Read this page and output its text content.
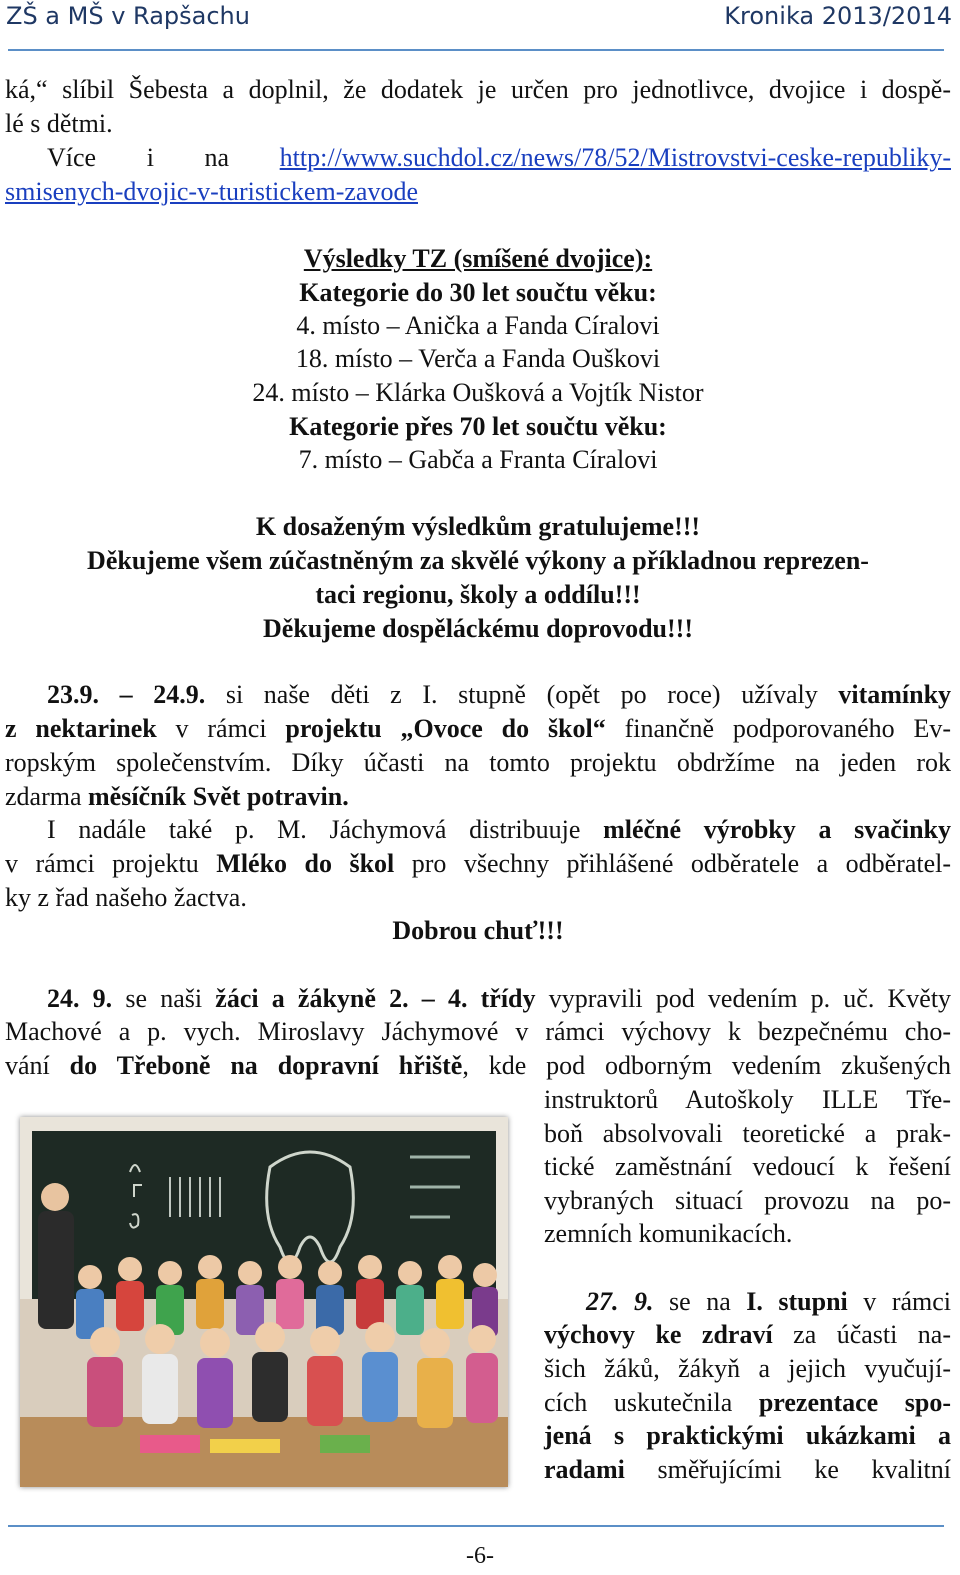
ZŠ a MŠ v Rapšachu	Kronika 2013/2014
ká,“ slíbil Šebesta a doplnil, že dodatek je určen pro jednotlivce, dvojice i dospě-
lé s dětmi.
Více i na http://www.suchdol.cz/news/78/52/Mistrovstvi-ceske-republiky-
smisenych-dvojic-v-turistickem-zavode
Výsledky TZ (smíšené dvojice):
Kategorie do 30 let součtu věku:
4. místo – Anička a Fanda Círalovi
18. místo – Verča a Fanda Ouškovi
24. místo – Klárka Oušková a Vojtík Nistor
Kategorie přes 70 let součtu věku:
7. místo – Gabča a Franta Círalovi
K dosaženým výsledkům gratulujeme!!!
Děkujeme všem zúčastněným za skvělé výkony a příkladnou reprezen-
taci regionu, školy a oddílu!!!
Děkujeme dospěláckému doprovodu!!!
23.9. – 24.9. si naše děti z I. stupně (opět po roce) užívaly vitamínky
z nektarinek v rámci projektu „Ovoce do škol“ finančně podporovaného Ev-
ropským společenstvím. Díky účasti na tomto projektu obdržíme na jeden rok
zdarma měsíčník Svět potravin.
I nadále také p. M. Jáchymová distribuuje mléčné výrobky a svačinky
v rámci projektu Mléko do škol pro všechny přihlášené odběratele a odběratel-
ky z řad našeho žactva.
Dobrou chuť!!!
24. 9. se naši žáci a žákyně 2. – 4. třídy vypravili pod vedením p. uč. Květy
Machové a p. vych. Miroslavy Jáchymové v rámci výchovy k bezpečnému cho-
vání do Třeboně na dopravní hřiště, kde pod odborným vedením zkušených
instruktorů Autoškoly ILLE Tře-
boň absolvovali teoretické a prak-
tické zaměstnání vedoucí k řešení
vybraných situací provozu na po-
zemních komunikacích.
27. 9. se na I. stupni v rámci
výchovy ke zdraví za účasti na-
šich žáků, žákyň a jejich vyučují-
cích uskutečnila prezentace spo-
jená s praktickými ukázkami a
radami směřujícími ke kvalitní
-6-
